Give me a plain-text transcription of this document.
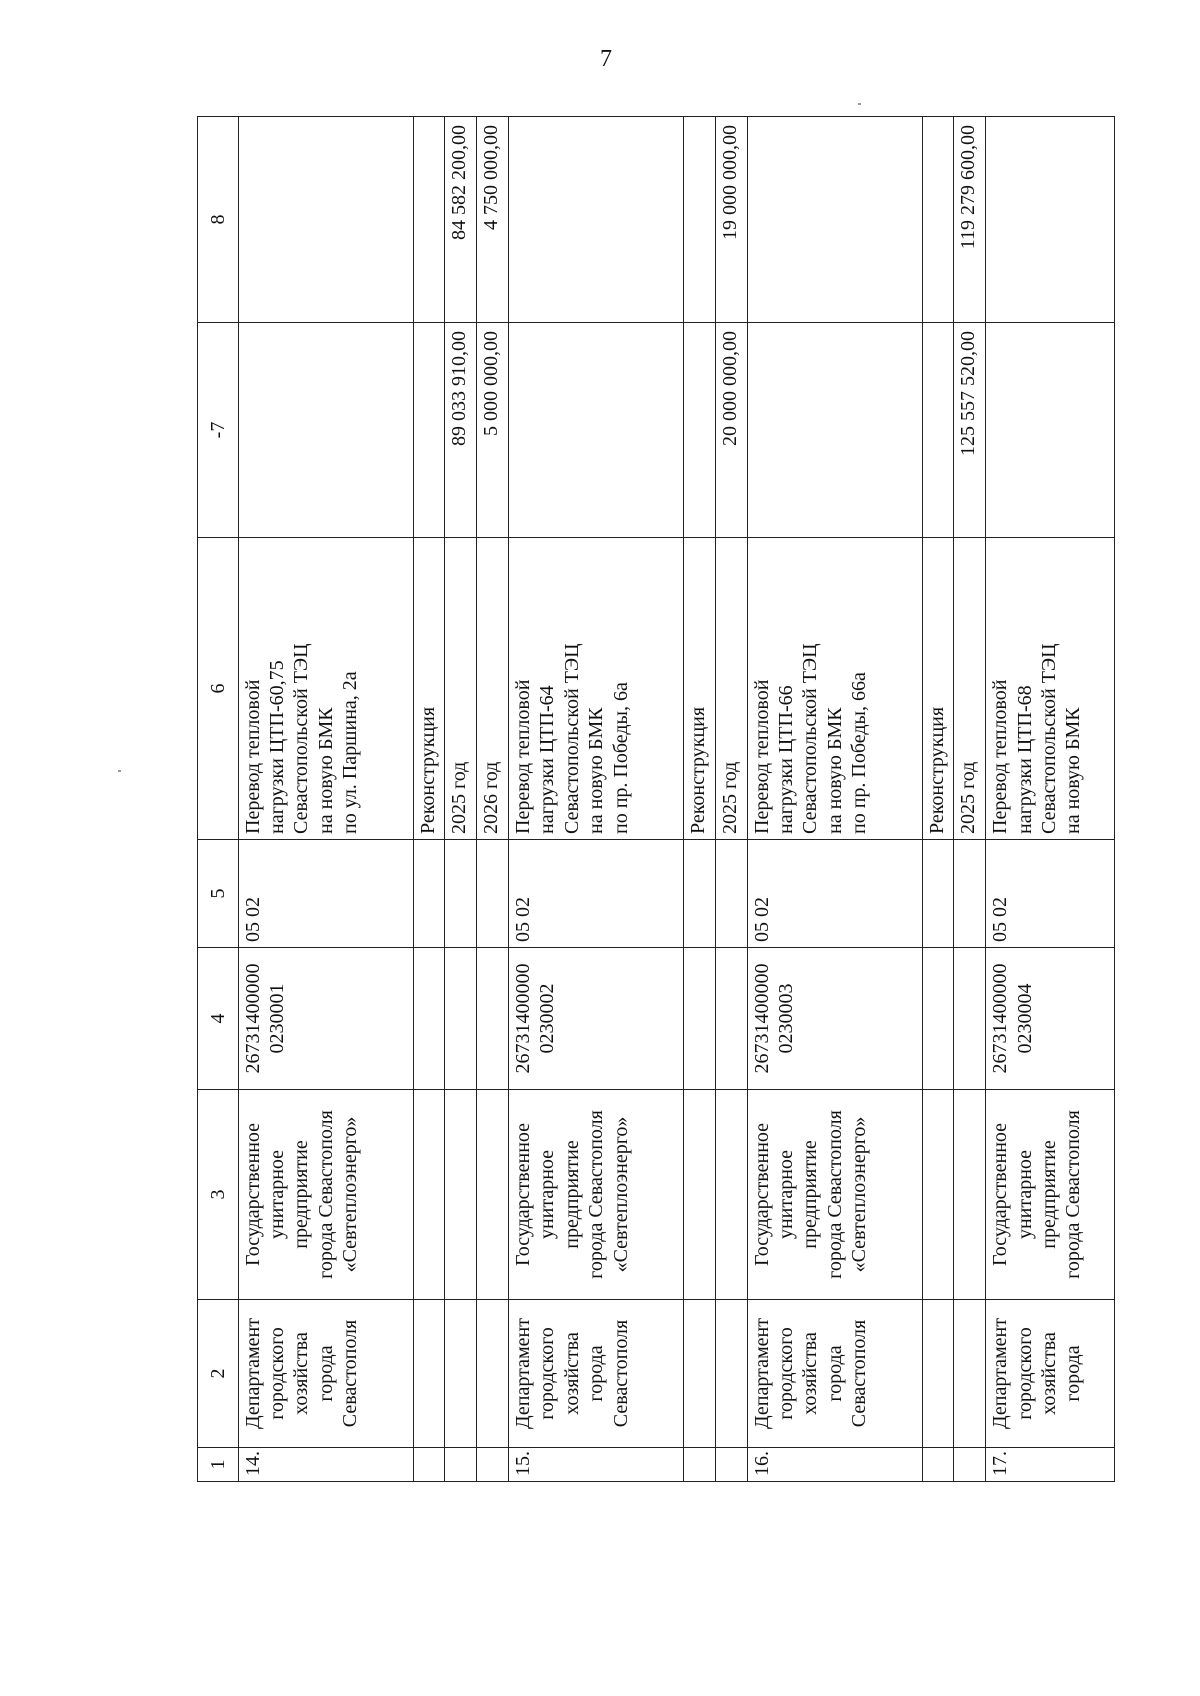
7
1	2	3	4	5	6	-7	8
14.	Департамент
городского
хозяйства
города
Севастополя	Государственное
унитарное
предприятие
города Севастополя
«Севтеплоэнерго»	26731400000
0230001	05 02	Перевод тепловой
нагрузки ЦТП-60,75
Севастопольской ТЭЦ
на новую БМК
по ул. Паршина, 2а		
					Реконструкция		
					2025 год	89 033 910,00	84 582 200,00
					2026 год	5 000 000,00	4 750 000,00
15.	Департамент
городского
хозяйства
города
Севастополя	Государственное
унитарное
предприятие
города Севастополя
«Севтеплоэнерго»	26731400000
0230002	05 02	Перевод тепловой
нагрузки ЦТП-64
Севастопольской ТЭЦ
на новую БМК
по пр. Победы, 6а		
					Реконструкция		
					2025 год	20 000 000,00	19 000 000,00
16.	Департамент
городского
хозяйства
города
Севастополя	Государственное
унитарное
предприятие
города Севастополя
«Севтеплоэнерго»	26731400000
0230003	05 02	Перевод тепловой
нагрузки ЦТП-66
Севастопольской ТЭЦ
на новую БМК
по пр. Победы, 66а		
					Реконструкция		
					2025 год	125 557 520,00	119 279 600,00
17.	Департамент
городского
хозяйства
города	Государственное
унитарное
предприятие
города Севастополя	26731400000
0230004	05 02	Перевод тепловой
нагрузки ЦТП-68
Севастопольской ТЭЦ
на новую БМК		
